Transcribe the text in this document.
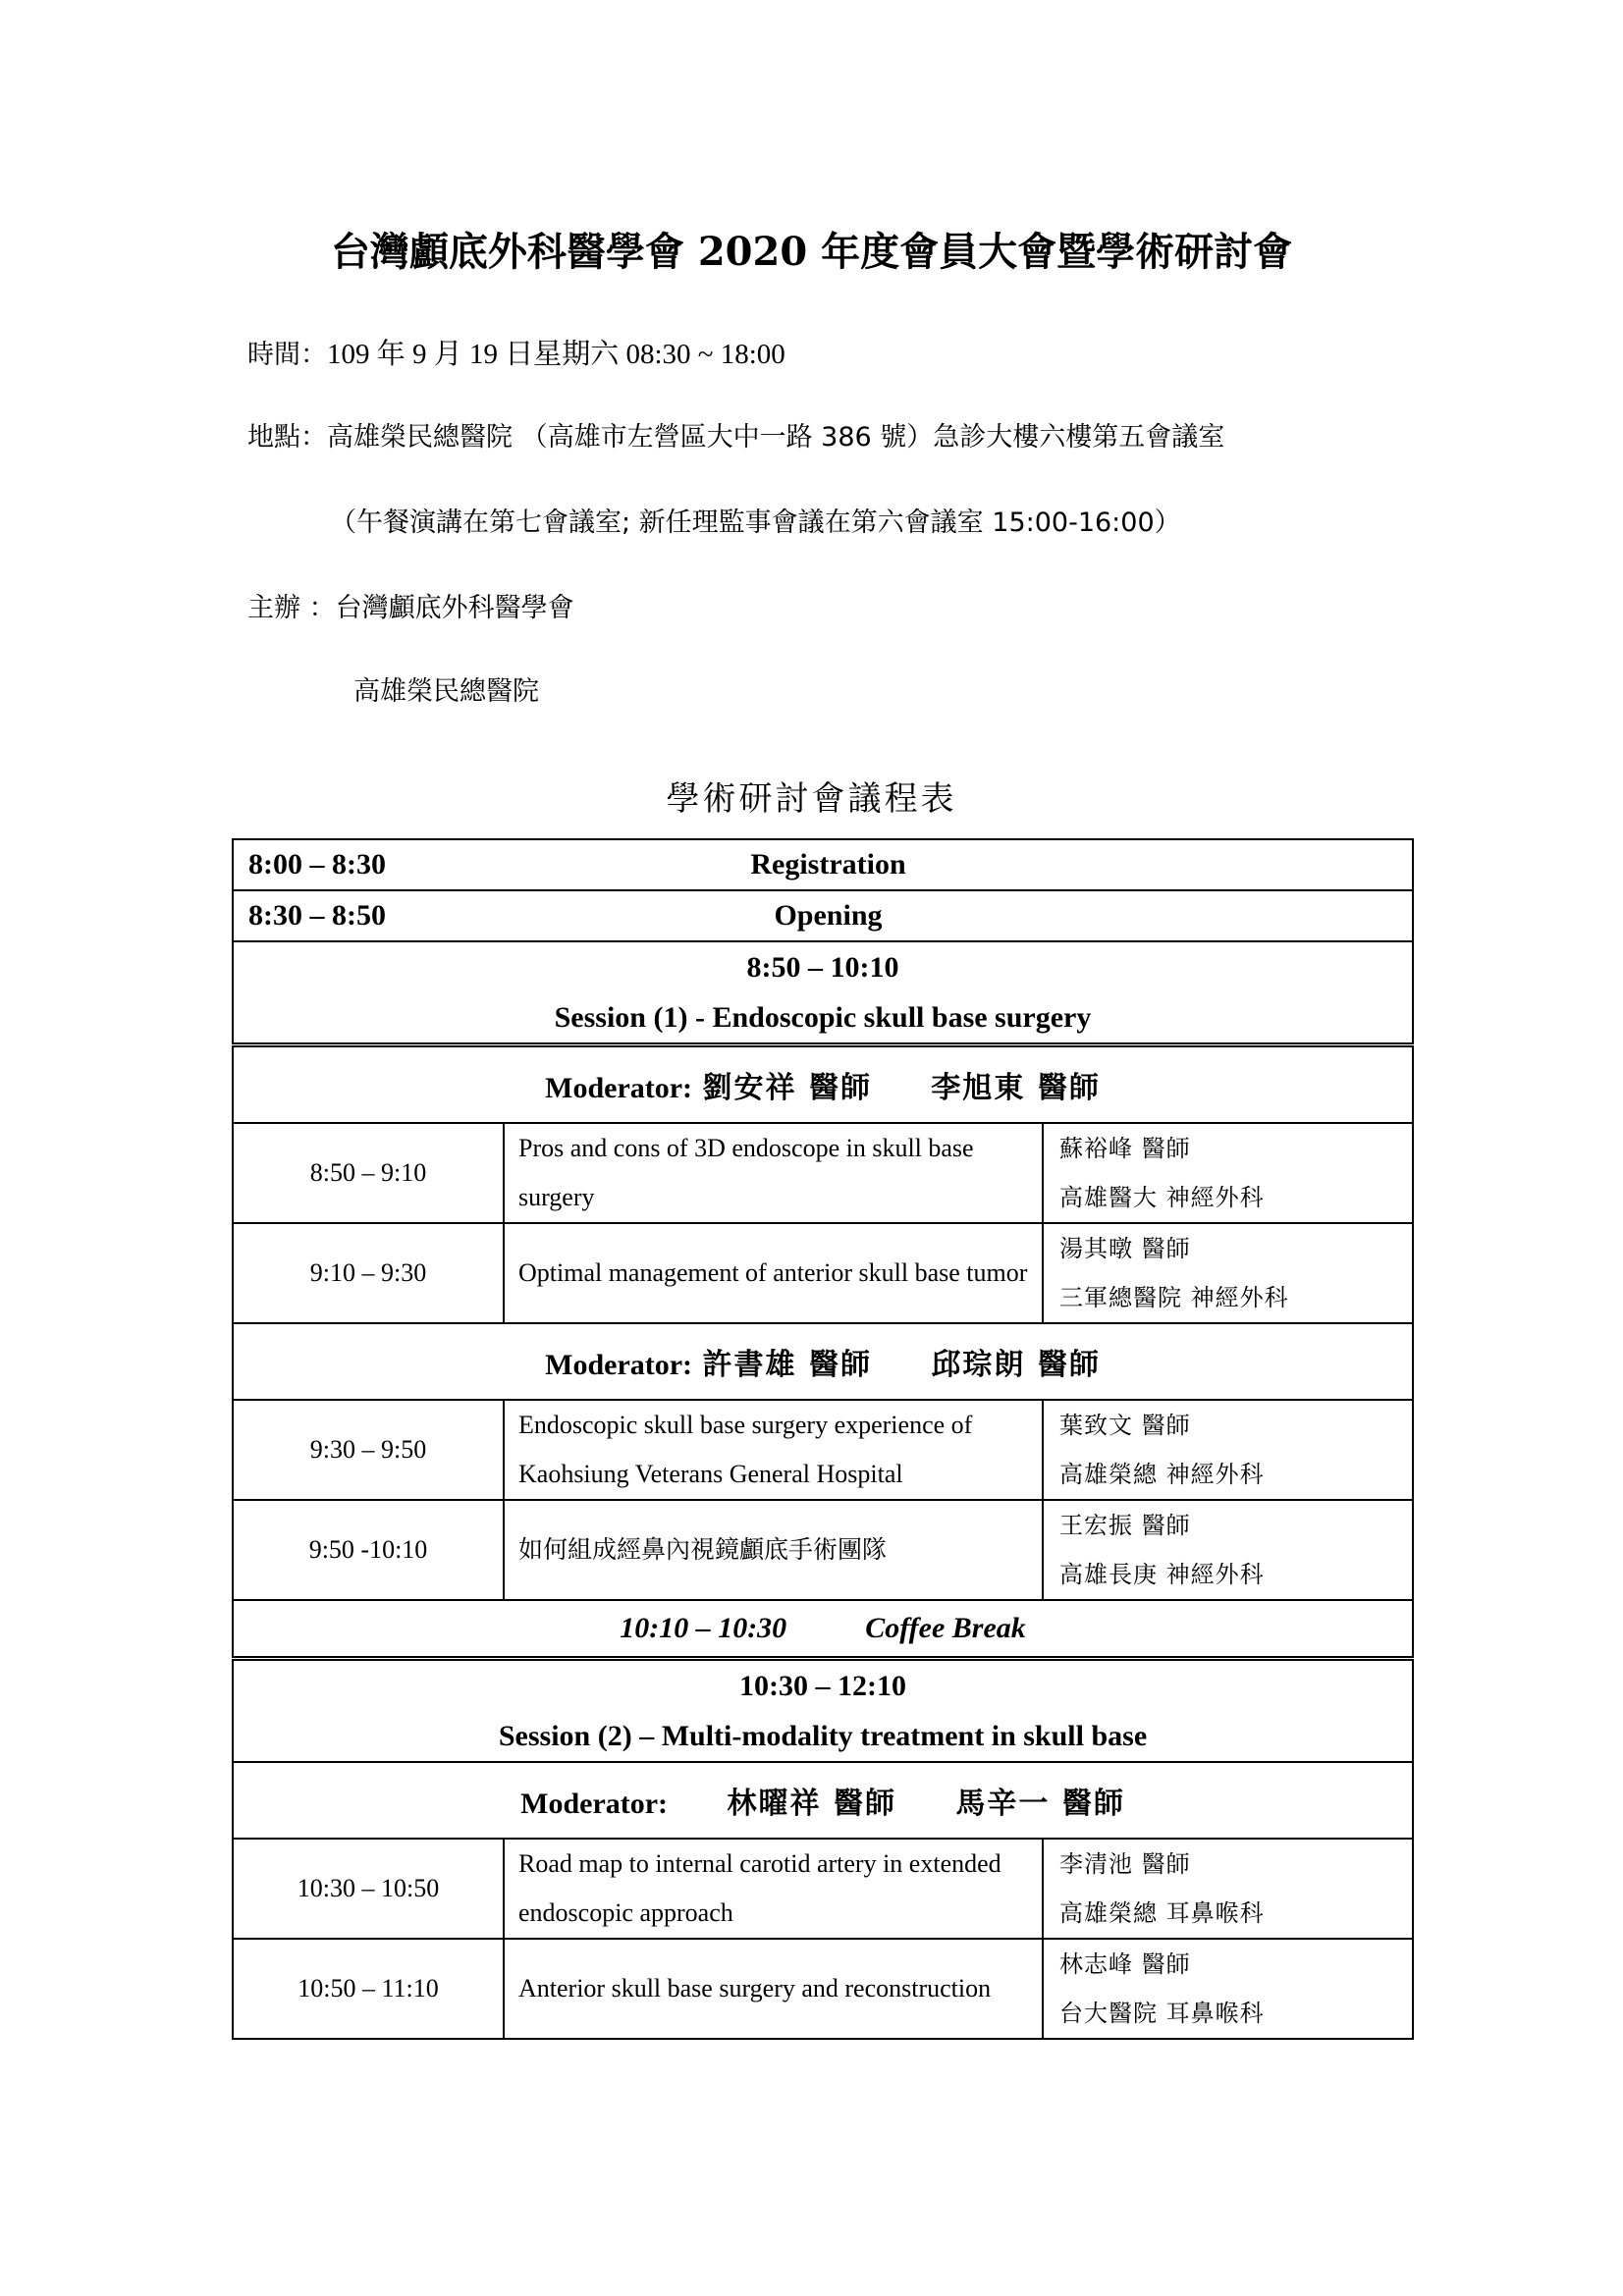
台灣顱底外科醫學會 2020 年度會員大會暨學術研討會
時間：109 年 9 月 19 日星期六 08:30 ~ 18:00
地點：高雄榮民總醫院 （高雄市左營區大中一路 386 號）急診大樓六樓第五會議室
（午餐演講在第七會議室; 新任理監事會議在第六會議室 15:00-16:00）
主辦 ：台灣顱底外科醫學會
高雄榮民總醫院
學術研討會議程表
8:00 – 8:30 Registration		

8:30 – 8:50 Opening		

8:50 – 10:10
Session (1) - Endoscopic skull base surgery		

Moderator: 劉安祥 醫師 李旭東 醫師		
8:50 – 9:10	Pros and cons of 3D endoscope in skull base surgery	蘇裕峰 醫師
高雄醫大 神經外科

9:10 – 9:30	Optimal management of anterior skull base tumor	湯其暾 醫師
三軍總醫院 神經外科

Moderator: 許書雄 醫師 邱琮朗 醫師		
9:30 – 9:50	Endoscopic skull base surgery experience of Kaohsiung Veterans General Hospital	葉致文 醫師
高雄榮總 神經外科

9:50 -10:10	如何組成經鼻內視鏡顱底手術團隊	王宏振 醫師
高雄長庚 神經外科

10:10 – 10:30 Coffee Break		

10:30 – 12:10
Session (2) – Multi-modality treatment in skull base		

Moderator: 林曜祥 醫師 馬辛一 醫師		
10:30 – 10:50	Road map to internal carotid artery in extended endoscopic approach	李清池 醫師
高雄榮總 耳鼻喉科

10:50 – 11:10	Anterior skull base surgery and reconstruction	林志峰 醫師
台大醫院 耳鼻喉科
